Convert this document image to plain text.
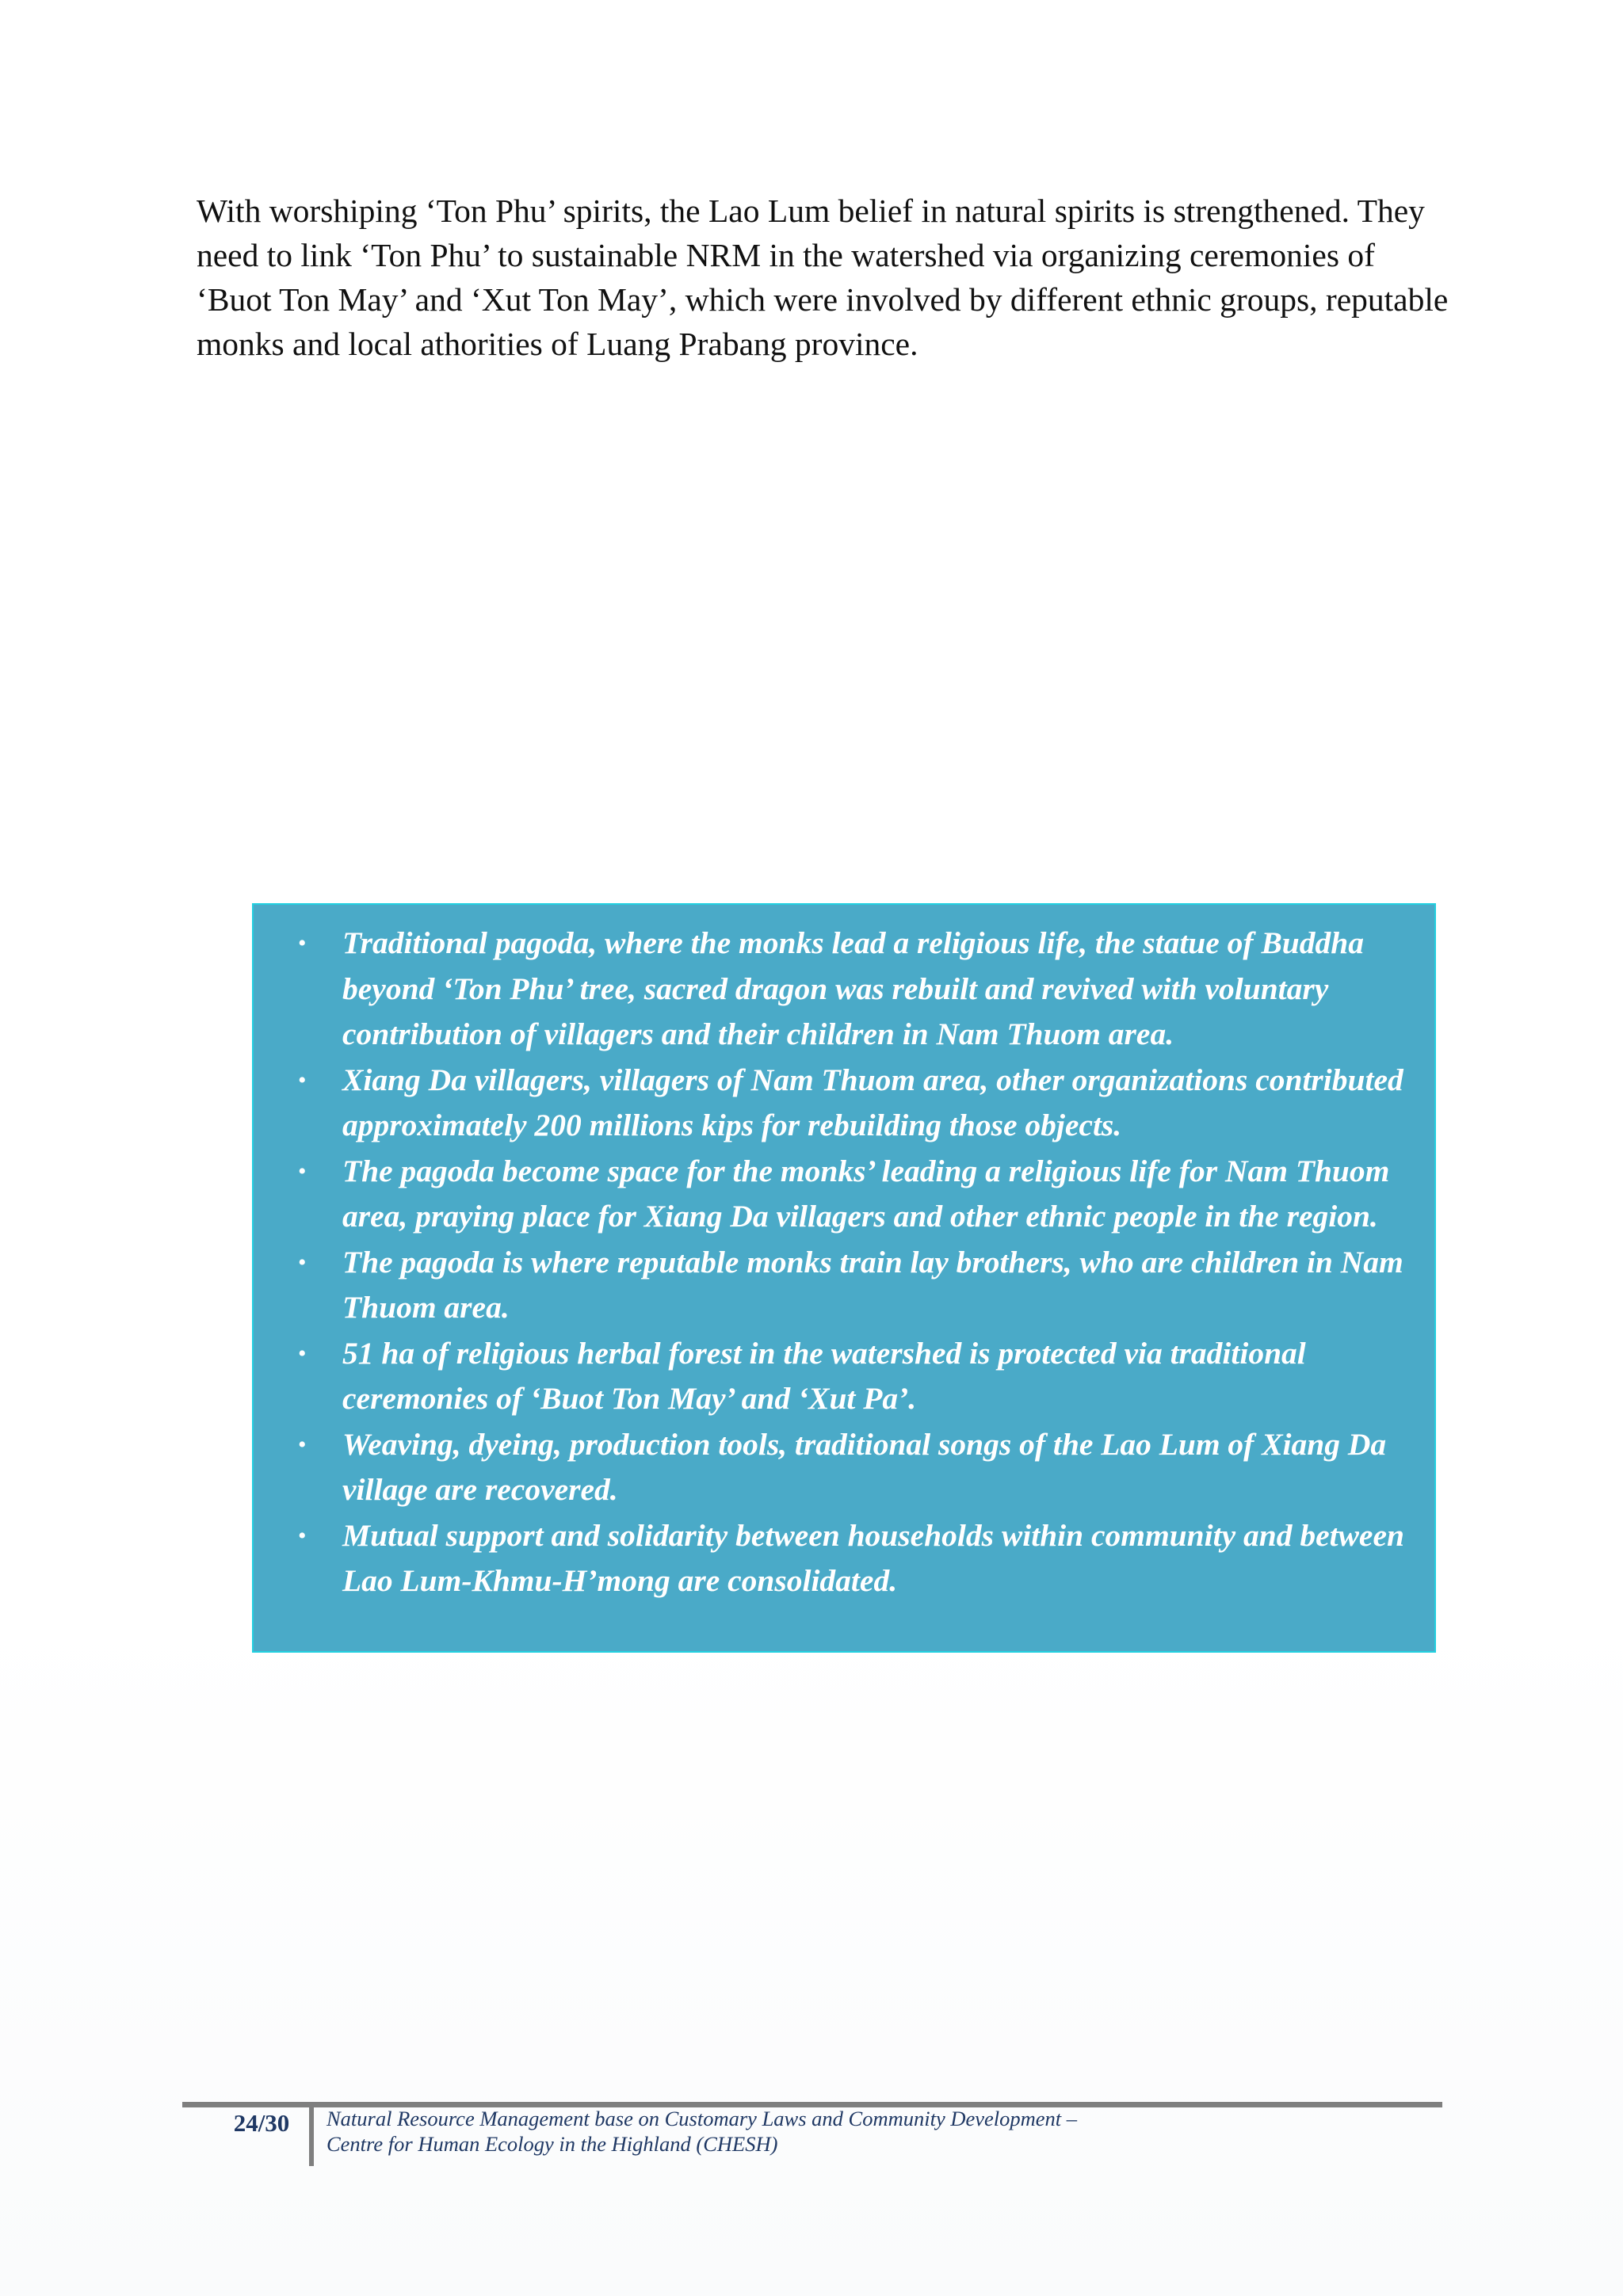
With worshiping ‘Ton Phu’ spirits, the Lao Lum belief in natural spirits is strengthened. They need to link ‘Ton Phu’ to sustainable NRM in the watershed via organizing ceremonies of ‘Buot Ton May’ and ‘Xut Ton May’, which were involved by different ethnic groups, reputable monks and local athorities of Luang Prabang province.

• Traditional pagoda, where the monks lead a religious life, the statue of Buddha beyond ‘Ton Phu’ tree, sacred dragon was rebuilt and revived with voluntary contribution of villagers and their children in Nam Thuom area.
• Xiang Da villagers, villagers of Nam Thuom area, other organizations contributed approximately 200 millions kips for rebuilding those objects.
• The pagoda become space for the monks’ leading a religious life for Nam Thuom area, praying place for Xiang Da villagers and other ethnic people in the region.
• The pagoda is where reputable monks train lay brothers, who are children in Nam Thuom area.
• 51 ha of religious herbal forest in the watershed is protected via traditional ceremonies of ‘Buot Ton May’ and ‘Xut Pa’.
• Weaving, dyeing, production tools, traditional songs of the Lao Lum of Xiang Da village are recovered.
• Mutual support and solidarity between households within community and between Lao Lum-Khmu-H’mong are consolidated.
24/30	Natural Resource Management base on Customary Laws and Community Development –
Centre for Human Ecology in the Highland (CHESH)
